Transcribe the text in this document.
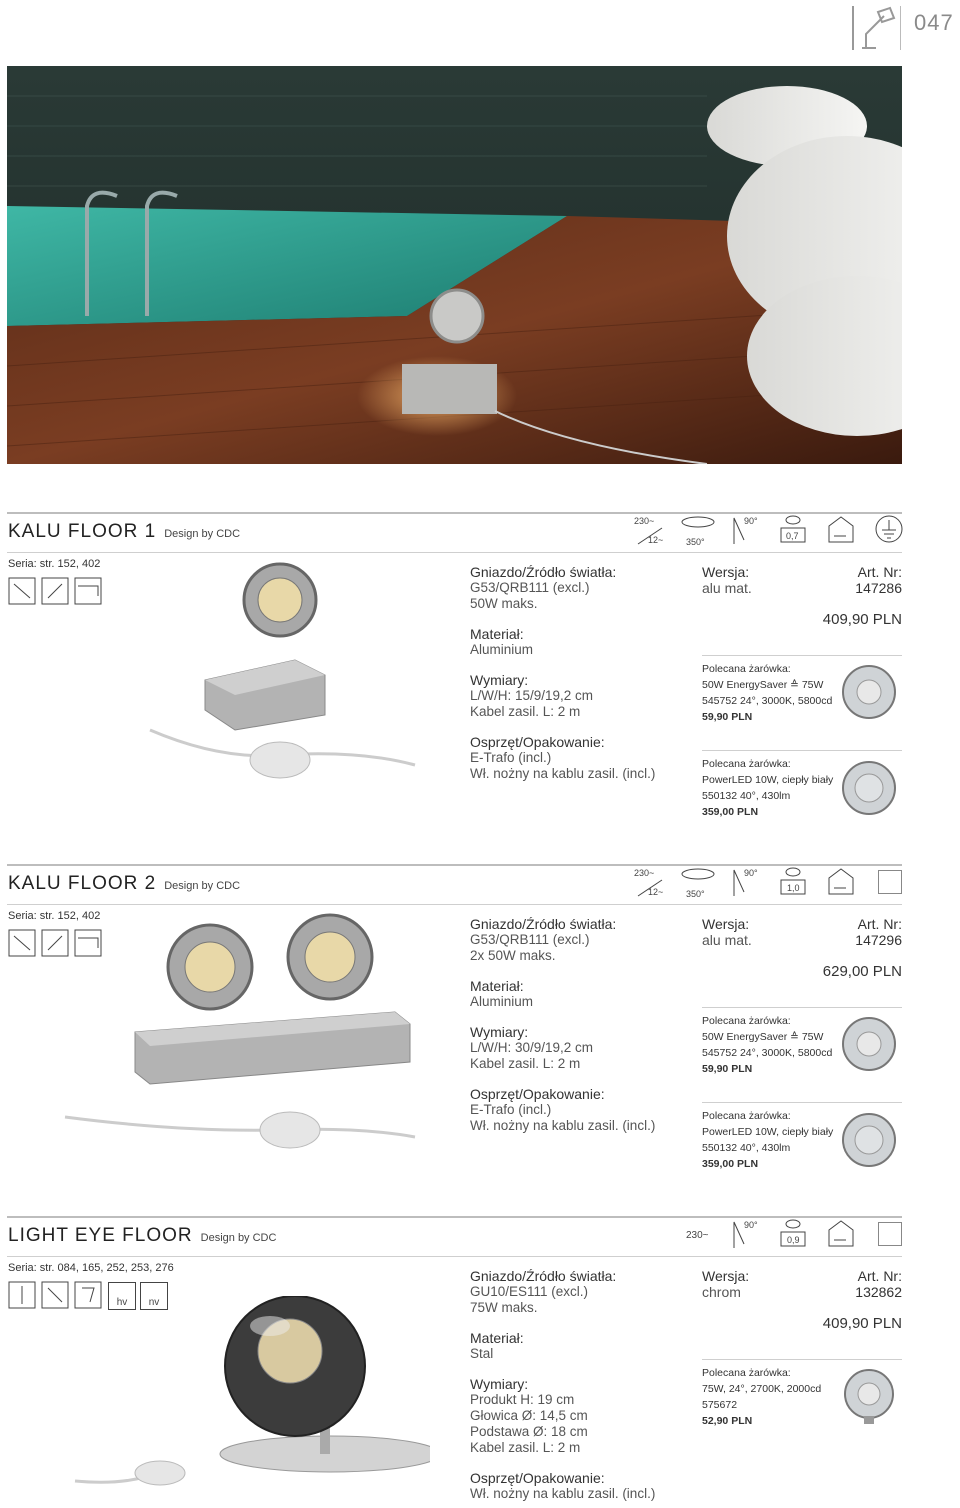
047
KALU FLOOR 1 Design by CDC
230~
12~	350°
90°
0,7
Seria: str. 152, 402	Gniazdo/Źródło światła:
G53/QRB111 (excl.)
50W maks.
Materiał:
Aluminium
Wymiary:
L/W/H: 15/9/19,2 cm
Kabel zasil. L: 2 m
Osprzęt/Opakowanie:
E-Trafo (incl.)
Wł. nożny na kablu zasil. (incl.)
Wersja:
alu mat.
Art. Nr:
147286
409,90 PLN
Polecana żarówka:
50W EnergySaver ≙ 75W
545752 24°, 3000K, 5800cd
59,90 PLN
Polecana żarówka:
PowerLED 10W, ciepły biały
550132 40°, 430lm
359,00 PLN
KALU FLOOR 2 Design by CDC
230~
12~	350°
90°
1,0
Seria: str. 152, 402	Gniazdo/Źródło światła:
G53/QRB111 (excl.)
2x 50W maks.
Materiał:
Aluminium
Wymiary:
L/W/H: 30/9/19,2 cm
Kabel zasil. L: 2 m
Osprzęt/Opakowanie:
E-Trafo (incl.)
Wł. nożny na kablu zasil. (incl.)
Wersja:
alu mat.
Art. Nr:
147296
629,00 PLN
Polecana żarówka:
50W EnergySaver ≙ 75W
545752 24°, 3000K, 5800cd
59,90 PLN
Polecana żarówka:
PowerLED 10W, ciepły biały
550132 40°, 430lm
359,00 PLN
LIGHT EYE FLOOR Design by CDC	230~
90°
0,9
Seria: str. 084, 165, 252, 253, 276
hv	nv
Gniazdo/Źródło światła:
GU10/ES111 (excl.)
75W maks.
Materiał:
Stal
Wymiary:
Produkt H: 19 cm
Głowica Ø: 14,5 cm
Podstawa Ø: 18 cm
Kabel zasil. L: 2 m
Osprzęt/Opakowanie:
Wł. nożny na kablu zasil. (incl.)
Wersja:
chrom
Art. Nr:
132862
409,90 PLN
Polecana żarówka:
75W, 24°, 2700K, 2000cd
575672
52,90 PLN
